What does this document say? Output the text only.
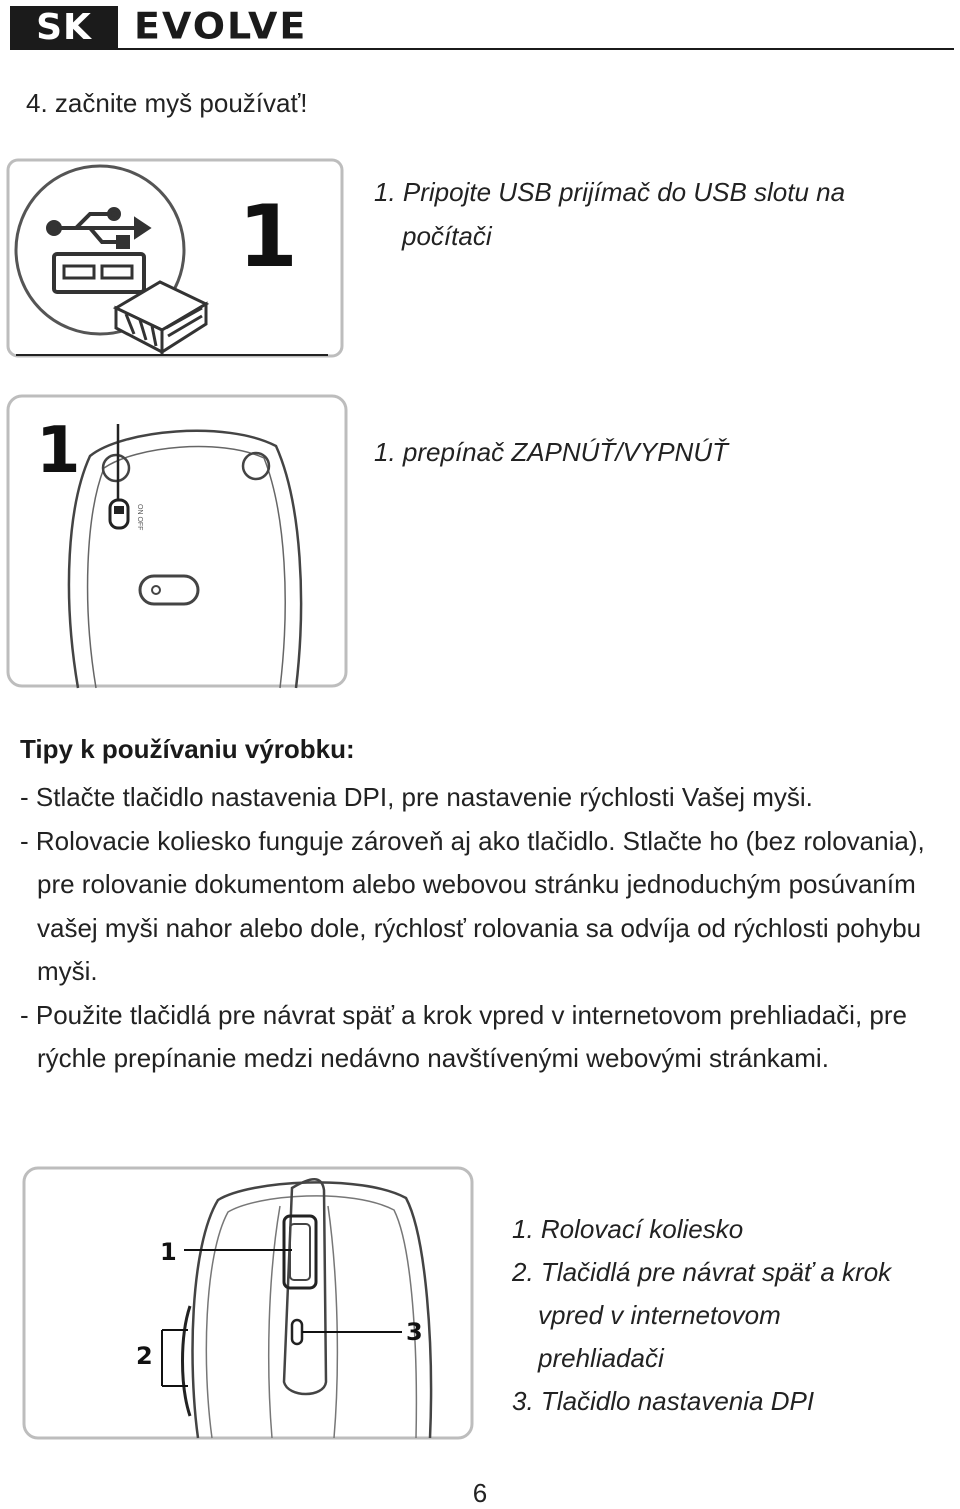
SK	EVOLVE
4. začnite myš používať!
1	1. Pripojte USB prijímač do USB slotu na
počítači
1
ON OFF
1. prepínač ZAPNÚŤ/VYPNÚŤ
Tipy k používaniu výrobku:

- Stlačte tlačidlo nastavenia DPI, pre nastavenie rýchlosti Vašej myši.

- Rolovacie koliesko funguje zároveň aj ako tlačidlo. Stlačte ho (bez rolovania), pre rolovanie dokumentom alebo webovou stránku jednoduchým posúvaním vašej myši nahor alebo dole, rýchlosť rolovania sa odvíja od rýchlosti pohybu myši.

- Použite tlačidlá pre návrat späť a krok vpred v internetovom prehliadači, pre rýchle prepínanie medzi nedávno navštívenými webovými stránkami.

1
2
3
1. Rolovací koliesko
2. Tlačidlá pre návrat späť a krok
vpred v internetovom
prehliadači
3. Tlačidlo nastavenia DPI
6
